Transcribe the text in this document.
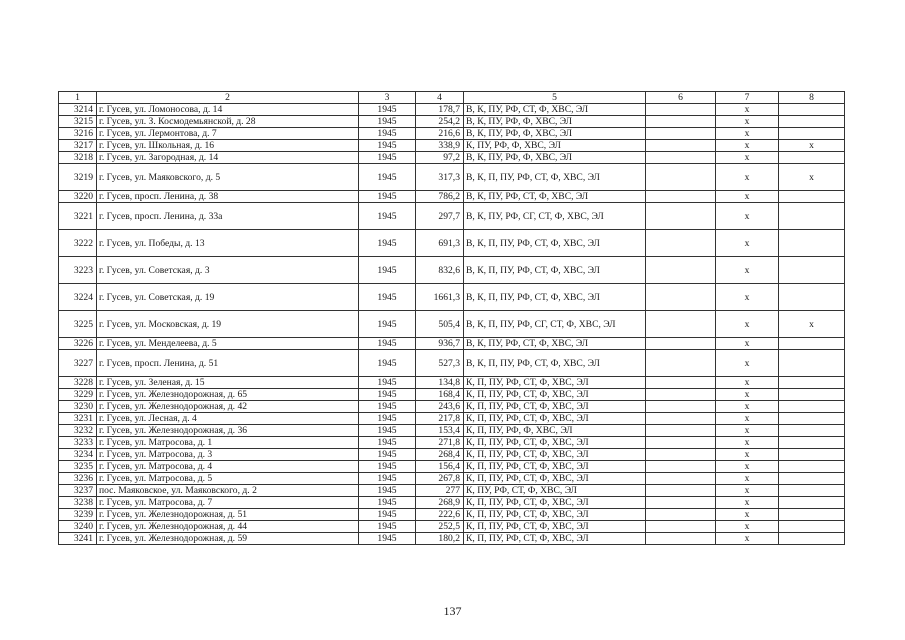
1	2	3	4	5	6	7	8
3214	г. Гусев, ул. Ломоносова, д. 14	1945	178,7	В, К, ПУ, РФ, СТ, Ф, ХВС, ЭЛ		х	
3215	г. Гусев, ул. З. Космодемьянской, д. 28	1945	254,2	В, К, ПУ, РФ, Ф, ХВС, ЭЛ		х	
3216	г. Гусев, ул. Лермонтова, д. 7	1945	216,6	В, К, ПУ, РФ, Ф, ХВС, ЭЛ		х	
3217	г. Гусев, ул. Школьная, д. 16	1945	338,9	К, ПУ, РФ, Ф, ХВС, ЭЛ		х	х
3218	г. Гусев, ул. Загородная, д. 14	1945	97,2	В, К, ПУ, РФ, Ф, ХВС, ЭЛ		х	
3219	г. Гусев, ул. Маяковского, д. 5	1945	317,3	В, К, П, ПУ, РФ, СТ, Ф, ХВС, ЭЛ		х	х
3220	г. Гусев, просп. Ленина, д. 38	1945	786,2	В, К, ПУ, РФ, СТ, Ф, ХВС, ЭЛ		х	
3221	г. Гусев, просп. Ленина, д. 33а	1945	297,7	В, К, ПУ, РФ, СГ, СТ, Ф, ХВС, ЭЛ		х	
3222	г. Гусев, ул. Победы, д. 13	1945	691,3	В, К, П, ПУ, РФ, СТ, Ф, ХВС, ЭЛ		х	
3223	г. Гусев, ул. Советская, д. 3	1945	832,6	В, К, П, ПУ, РФ, СТ, Ф, ХВС, ЭЛ		х	
3224	г. Гусев, ул. Советская, д. 19	1945	1661,3	В, К, П, ПУ, РФ, СТ, Ф, ХВС, ЭЛ		х	
3225	г. Гусев, ул. Московская, д. 19	1945	505,4	В, К, П, ПУ, РФ, СГ, СТ, Ф, ХВС, ЭЛ		х	х
3226	г. Гусев, ул. Менделеева, д. 5	1945	936,7	В, К, ПУ, РФ, СТ, Ф, ХВС, ЭЛ		х	
3227	г. Гусев, просп. Ленина, д. 51	1945	527,3	В, К, П, ПУ, РФ, СТ, Ф, ХВС, ЭЛ		х	
3228	г. Гусев, ул. Зеленая, д. 15	1945	134,8	К, П, ПУ, РФ, СТ, Ф, ХВС, ЭЛ		х	
3229	г. Гусев, ул. Железнодорожная, д. 65	1945	168,4	К, П, ПУ, РФ, СТ, Ф, ХВС, ЭЛ		х	
3230	г. Гусев, ул. Железнодорожная, д. 42	1945	243,6	К, П, ПУ, РФ, СТ, Ф, ХВС, ЭЛ		х	
3231	г. Гусев, ул. Лесная, д. 4	1945	217,8	К, П, ПУ, РФ, СТ, Ф, ХВС, ЭЛ		х	
3232	г. Гусев, ул. Железнодорожная, д. 36	1945	153,4	К, П, ПУ, РФ, Ф, ХВС, ЭЛ		х	
3233	г. Гусев, ул. Матросова, д. 1	1945	271,8	К, П, ПУ, РФ, СТ, Ф, ХВС, ЭЛ		х	
3234	г. Гусев, ул. Матросова, д. 3	1945	268,4	К, П, ПУ, РФ, СТ, Ф, ХВС, ЭЛ		х	
3235	г. Гусев, ул. Матросова, д. 4	1945	156,4	К, П, ПУ, РФ, СТ, Ф, ХВС, ЭЛ		х	
3236	г. Гусев, ул. Матросова, д. 5	1945	267,8	К, П, ПУ, РФ, СТ, Ф, ХВС, ЭЛ		х	
3237	пос. Маяковское, ул. Маяковского, д. 2	1945	277	К, ПУ, РФ, СТ, Ф, ХВС, ЭЛ		х	
3238	г. Гусев, ул. Матросова, д. 7	1945	268,9	К, П, ПУ, РФ, СТ, Ф, ХВС, ЭЛ		х	
3239	г. Гусев, ул. Железнодорожная, д. 51	1945	222,6	К, П, ПУ, РФ, СТ, Ф, ХВС, ЭЛ		х	
3240	г. Гусев, ул. Железнодорожная, д. 44	1945	252,5	К, П, ПУ, РФ, СТ, Ф, ХВС, ЭЛ		х	
3241	г. Гусев, ул. Железнодорожная, д. 59	1945	180,2	К, П, ПУ, РФ, СТ, Ф, ХВС, ЭЛ		х	
137
